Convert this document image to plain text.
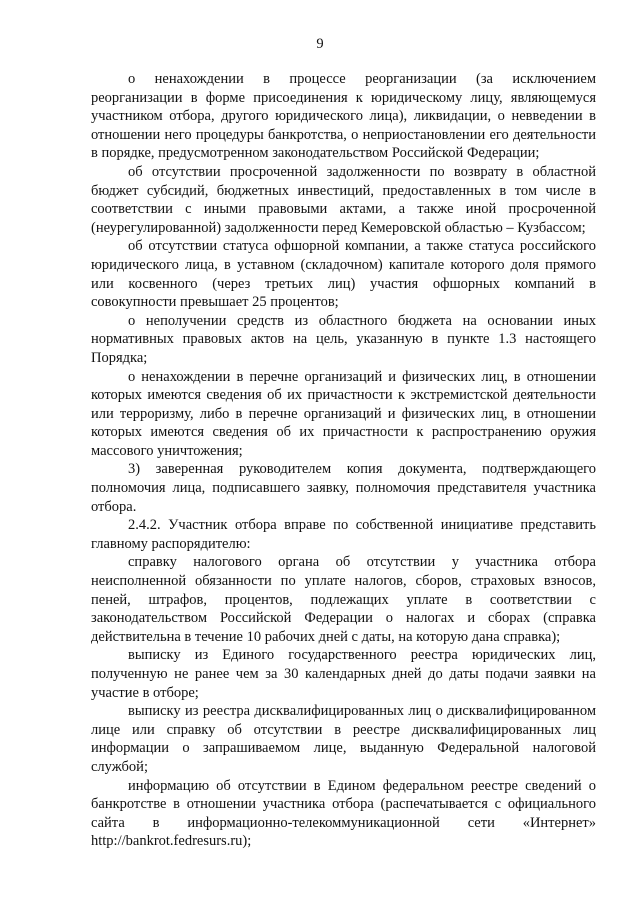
9

о ненахождении в процессе реорганизации (за исключением реорганизации в форме присоединения к юридическому лицу, являющемуся участником отбора, другого юридического лица), ликвидации, о невведении в отношении него процедуры банкротства, о неприостановлении его деятельности в порядке, предусмотренном законодательством Российской Федерации;

об отсутствии просроченной задолженности по возврату в областной бюджет субсидий, бюджетных инвестиций, предоставленных в том числе в соответствии с иными правовыми актами, а также иной просроченной (неурегулированной) задолженности перед Кемеровской областью – Кузбассом;

об отсутствии статуса офшорной компании, а также статуса российского юридического лица, в уставном (складочном) капитале которого доля прямого или косвенного (через третьих лиц) участия офшорных компаний в совокупности превышает 25 процентов;

о неполучении средств из областного бюджета на основании иных нормативных правовых актов на цель, указанную в пункте 1.3 настоящего Порядка;

о ненахождении в перечне организаций и физических лиц, в отношении которых имеются сведения об их причастности к экстремистской деятельности или терроризму, либо в перечне организаций и физических лиц, в отношении которых имеются сведения об их причастности к распространению оружия массового уничтожения;

3) заверенная руководителем копия документа, подтверждающего полномочия лица, подписавшего заявку, полномочия представителя участника отбора.

2.4.2. Участник отбора вправе по собственной инициативе представить главному распорядителю:

справку налогового органа об отсутствии у участника отбора неисполненной обязанности по уплате налогов, сборов, страховых взносов, пеней, штрафов, процентов, подлежащих уплате в соответствии с законодательством Российской Федерации о налогах и сборах (справка действительна в течение 10 рабочих дней с даты, на которую дана справка);

выписку из Единого государственного реестра юридических лиц, полученную не ранее чем за 30 календарных дней до даты подачи заявки на участие в отборе;

выписку из реестра дисквалифицированных лиц о дисквалифицированном лице или справку об отсутствии в реестре дисквалифицированных лиц информации о запрашиваемом лице, выданную Федеральной налоговой службой;

информацию об отсутствии в Едином федеральном реестре сведений о банкротстве в отношении участника отбора (распечатывается с официального сайта в информационно-телекоммуникационной сети «Интернет» http://bankrot.fedresurs.ru);
